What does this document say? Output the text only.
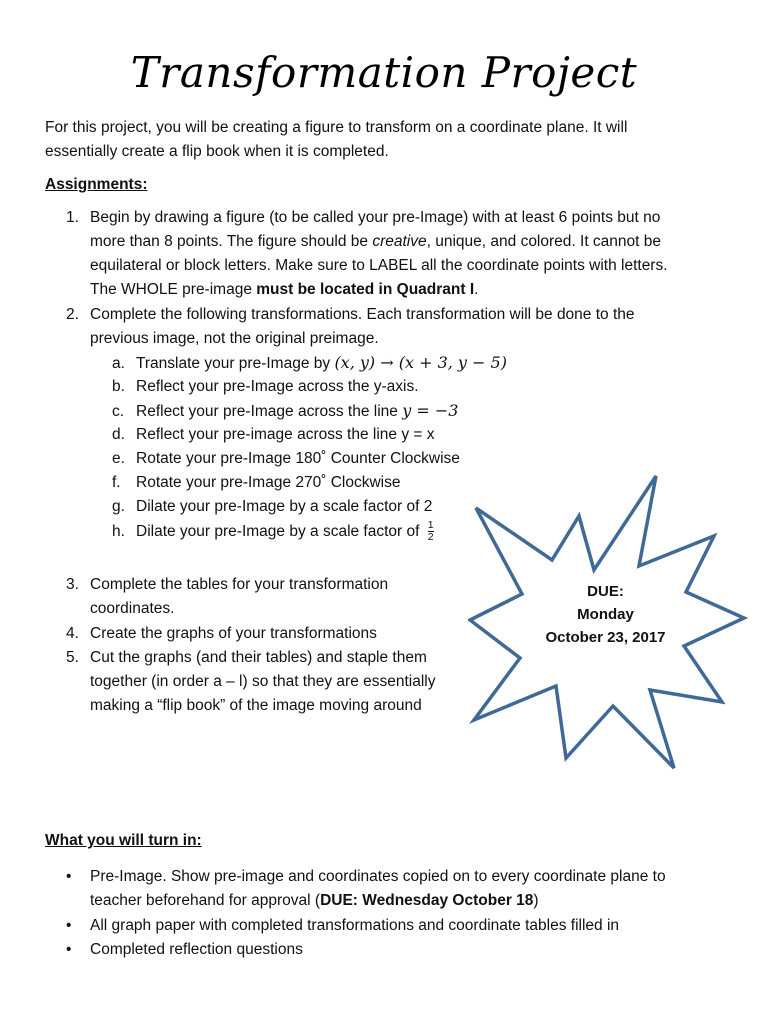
Transformation Project
For this project, you will be creating a figure to transform on a coordinate plane. It will
essentially create a flip book when it is completed.
Assignments:
1. Begin by drawing a figure (to be called your pre-Image) with at least 6 points but no
more than 8 points. The figure should be creative, unique, and colored. It cannot be
equilateral or block letters. Make sure to LABEL all the coordinate points with letters.
The WHOLE pre-image must be located in Quadrant I.
2. Complete the following transformations. Each transformation will be done to the
previous image, not the original preimage.
a. Translate your pre-Image by (x, y) → (x + 3, y − 5)
b. Reflect your pre-Image across the y-axis.
c. Reflect your pre-Image across the line y = −3
d. Reflect your pre-image across the line y = x
e. Rotate your pre-Image 180˚ Counter Clockwise
f. Rotate your pre-Image 270˚ Clockwise
g. Dilate your pre-Image by a scale factor of 2
h. Dilate your pre-Image by a scale factor of $\frac{1}{2}$
3. Complete the tables for your transformation
coordinates.
4. Create the graphs of your transformations
5. Cut the graphs (and their tables) and staple them
together (in order a – l) so that they are essentially
making a “flip book” of the image moving around
DUE:
Monday
October 23, 2017
What you will turn in:
• Pre-Image. Show pre-image and coordinates copied on to every coordinate plane to
teacher beforehand for approval (DUE: Wednesday October 18)
• All graph paper with completed transformations and coordinate tables filled in
• Completed reflection questions
